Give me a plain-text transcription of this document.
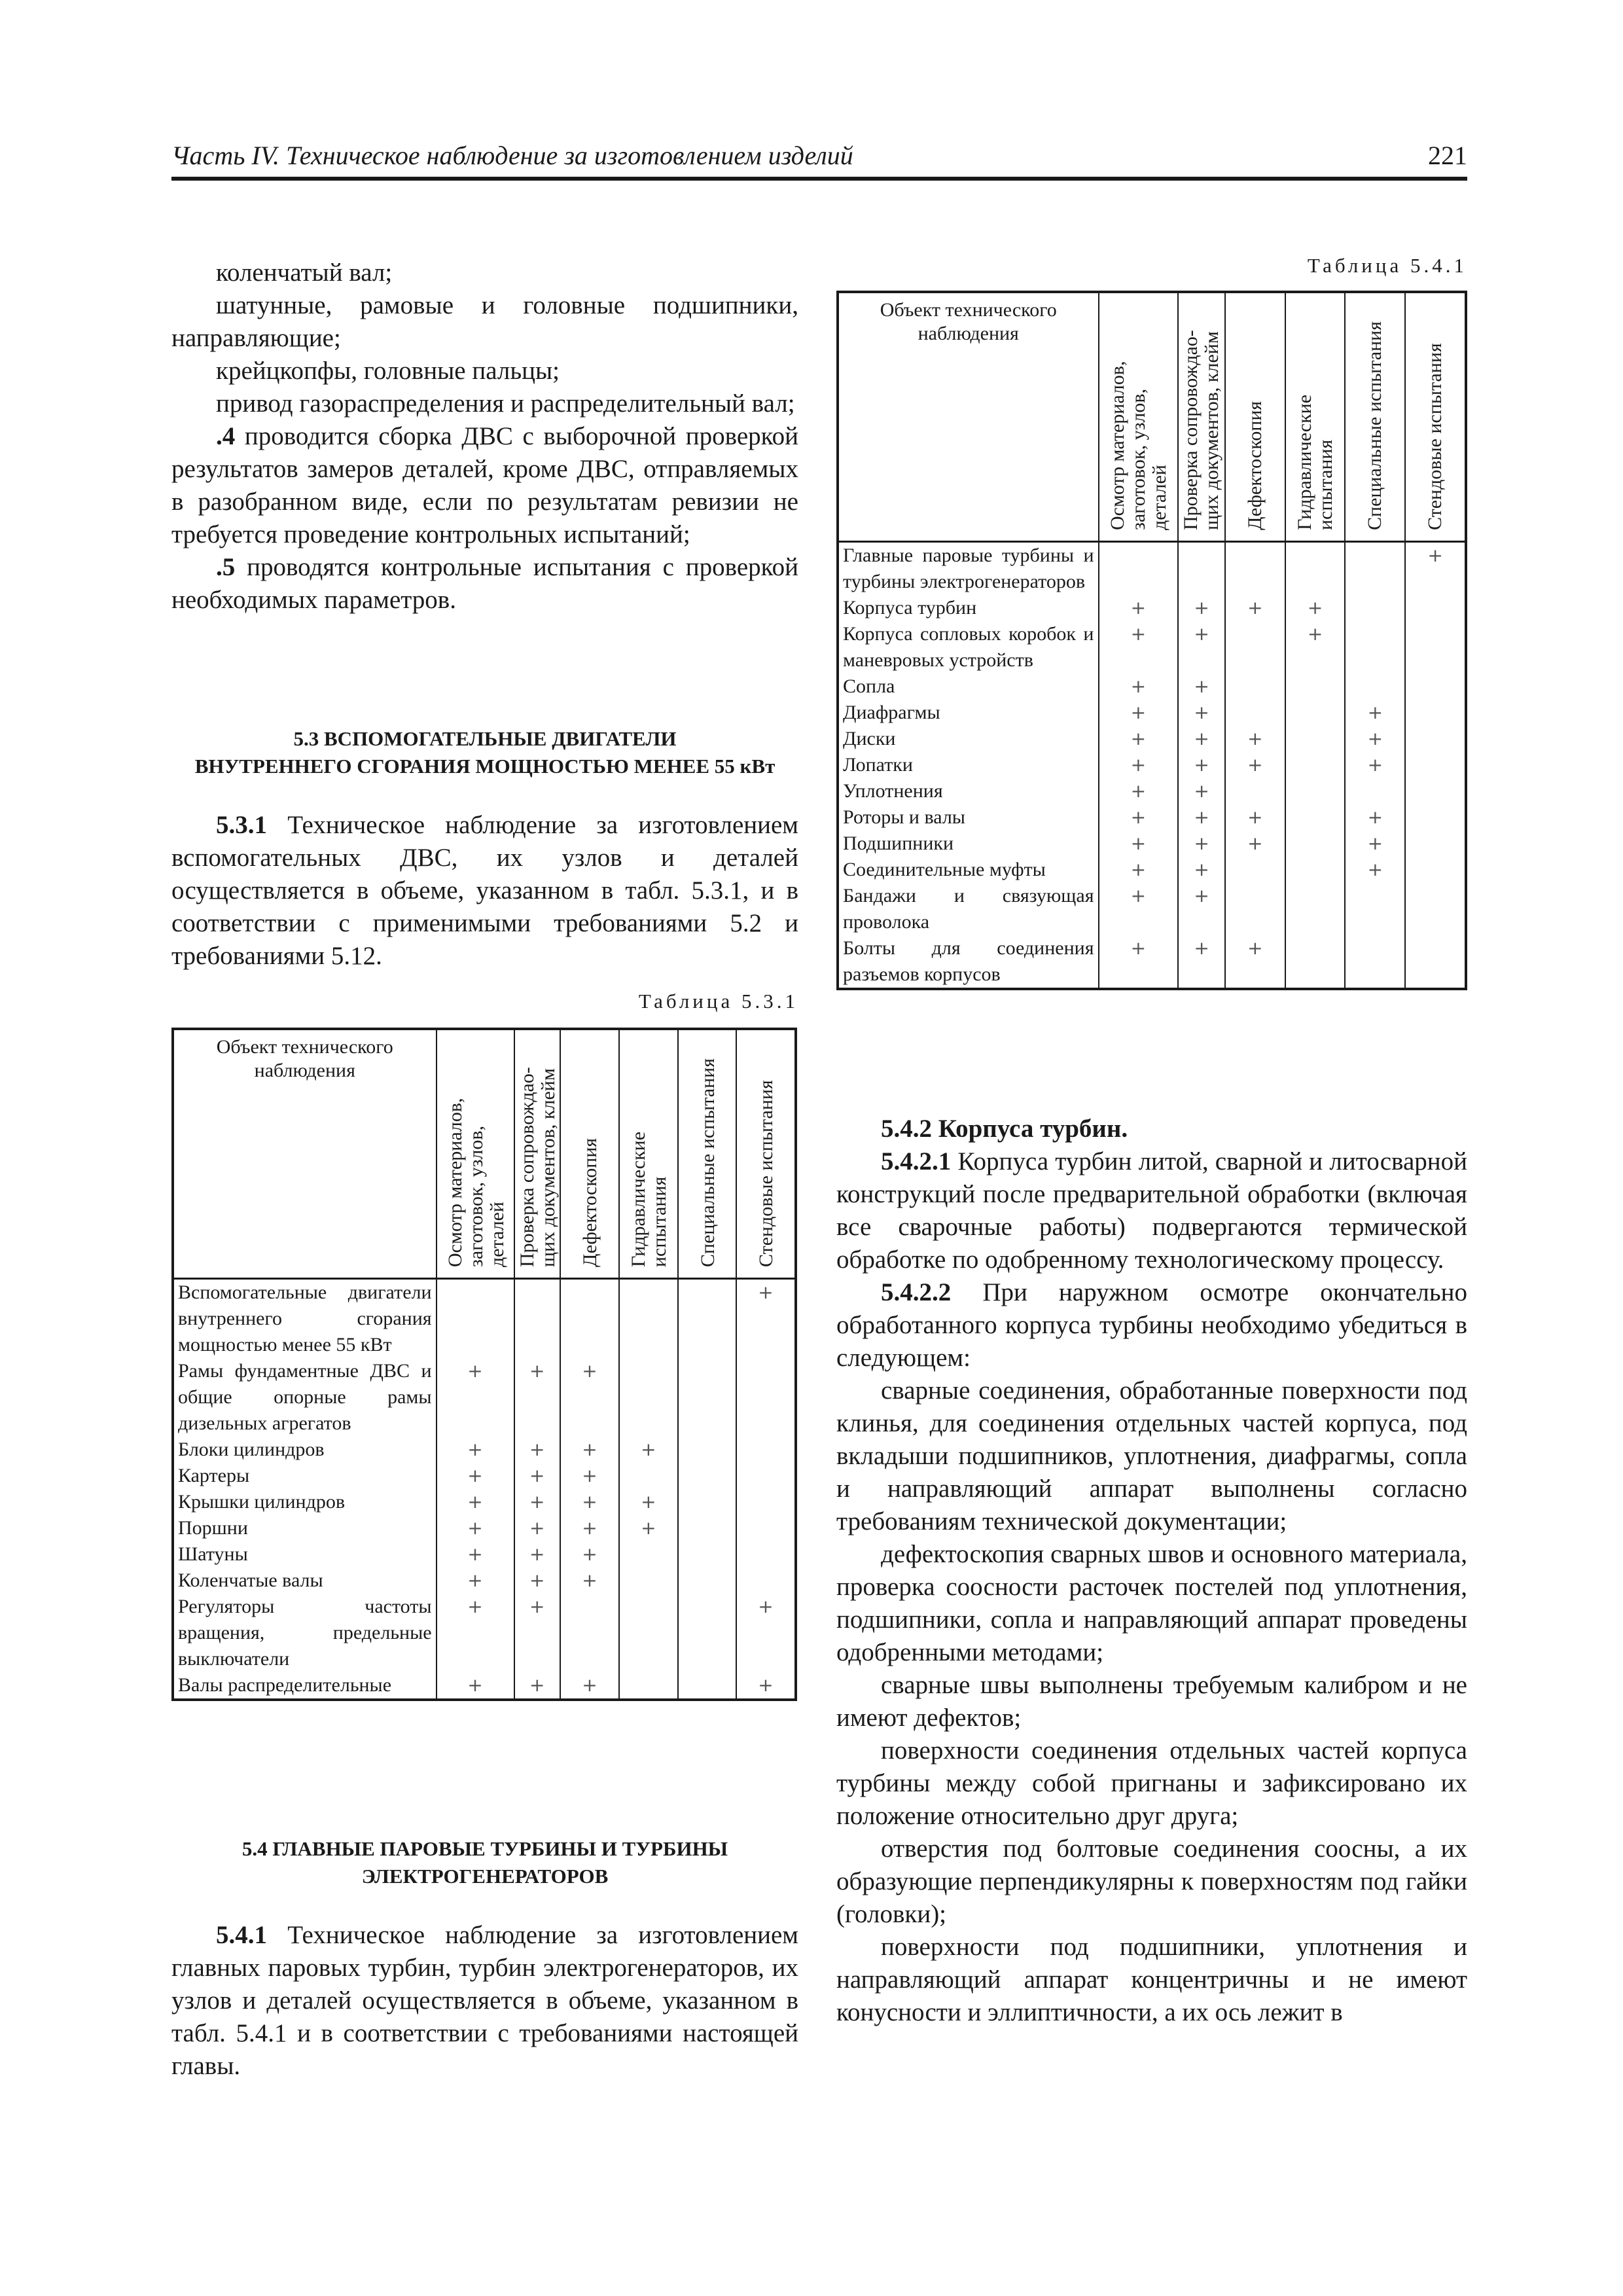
Часть IV. Техническое наблюдение за изготовлением изделий	221

коленчатый вал;

шатунные, рамовые и головные подшипники, направляющие;

крейцкопфы, головные пальцы;

привод газораспределения и распределительный вал;

.4 проводится сборка ДВС с выборочной проверкой результатов замеров деталей, кроме ДВС, отправляемых в разобранном виде, если по результатам ревизии не требуется проведение контрольных испытаний;

.5 проводятся контрольные испытания с проверкой необходимых параметров.

5.3 ВСПОМОГАТЕЛЬНЫЕ ДВИГАТЕЛИ
ВНУТРЕННЕГО СГОРАНИЯ МОЩНОСТЬЮ МЕНЕЕ 55 кВт

5.3.1 Техническое наблюдение за изготовлением вспомогательных ДВС, их узлов и деталей осуществляется в объеме, указанном в табл. 5.3.1, и в соответствии с применимыми требованиями 5.2 и требованиями 5.12.

Таблица 5.3.1
Объект технического наблюдения	Осмотр материалов,
заготовок, узлов,
деталей	Проверка сопровождао-
щих документов, клейм	Дефектоскопия	Гидравлические
испытания	Специальные испытания	Стендовые испытания

Вспомогательные двигатели внутреннего сгорания мощностью менее 55 кВт						+
Рамы фундаментные ДВС и общие опорные рамы дизельных агрегатов	+	+	+			
Блоки цилиндров	+	+	+	+		
Картеры	+	+	+			
Крышки цилиндров	+	+	+	+		
Поршни	+	+	+	+		
Шатуны	+	+	+			
Коленчатые валы	+	+	+			
Регуляторы частоты вращения, предельные выключатели	+	+				+
Валы распределительные	+	+	+			+
5.4 ГЛАВНЫЕ ПАРОВЫЕ ТУРБИНЫ И ТУРБИНЫ
ЭЛЕКТРОГЕНЕРАТОРОВ

5.4.1 Техническое наблюдение за изготовлением главных паровых турбин, турбин электрогенераторов, их узлов и деталей осуществляется в объеме, указанном в табл. 5.4.1 и в соответствии с требованиями настоящей главы.

Таблица 5.4.1
Объект технического наблюдения	Осмотр материалов,
заготовок, узлов,
деталей	Проверка сопровождао-
щих документов, клейм	Дефектоскопия	Гидравлические
испытания	Специальные испытания	Стендовые испытания

Главные паровые турбины и турбины электрогенераторов						+
Корпуса турбин	+	+	+	+		
Корпуса сопловых коробок и маневровых устройств	+	+		+		
Сопла	+	+				
Диафрагмы	+	+			+	
Диски	+	+	+		+	
Лопатки	+	+	+		+	
Уплотнения	+	+				
Роторы и валы	+	+	+		+	
Подшипники	+	+	+		+	
Соединительные муфты	+	+			+	
Бандажи и связующая проволока	+	+				
Болты для соединения разъемов корпусов	+	+	+			

5.4.2 Корпуса турбин.

5.4.2.1 Корпуса турбин литой, сварной и литосварной конструкций после предварительной обработки (включая все сварочные работы) подвергаются термической обработке по одобренному технологическому процессу.

5.4.2.2 При наружном осмотре окончательно обработанного корпуса турбины необходимо убедиться в следующем:

сварные соединения, обработанные поверхности под клинья, для соединения отдельных частей корпуса, под вкладыши подшипников, уплотнения, диафрагмы, сопла и направляющий аппарат выполнены согласно требованиям технической документации;

дефектоскопия сварных швов и основного материала, проверка соосности расточек постелей под уплотнения, подшипники, сопла и направляющий аппарат проведены одобренными методами;

сварные швы выполнены требуемым калибром и не имеют дефектов;

поверхности соединения отдельных частей корпуса турбины между собой пригнаны и зафиксировано их положение относительно друг друга;

отверстия под болтовые соединения соосны, а их образующие перпендикулярны к поверхностям под гайки (головки);

поверхности под подшипники, уплотнения и направляющий аппарат концентричны и не имеют конусности и эллиптичности, а их ось лежит в
